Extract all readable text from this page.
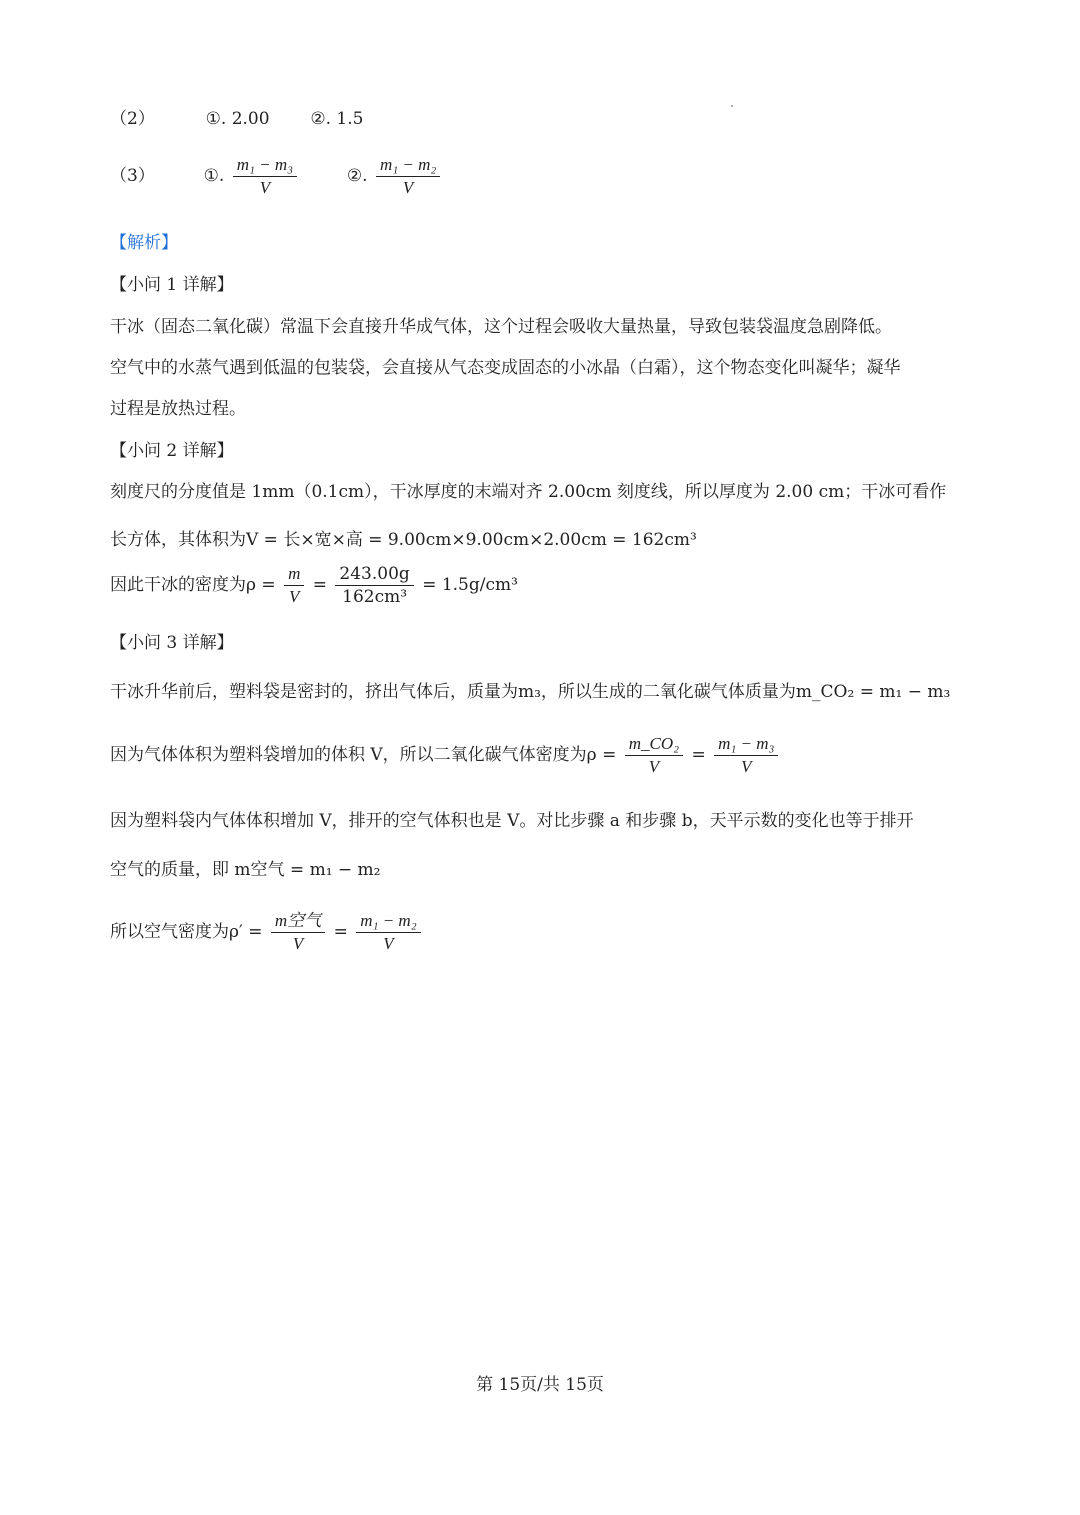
（2）	①. 2.00 ②. 1.5
（3）	①. $\frac{\text{m₁ − m₃}}{V}$	②. $\frac{\text{m₁ − m₂}}{V}$
【解析】
【小问 1 详解】
干冰（固态二氧化碳）常温下会直接升华成气体，这个过程会吸收大量热量，导致包装袋温度急剧降低。
空气中的水蒸气遇到低温的包装袋，会直接从气态变成固态的小冰晶（白霜），这个物态变化叫凝华；凝华
过程是放热过程。
【小问 2 详解】
刻度尺的分度值是 1mm（0.1cm），干冰厚度的末端对齐 2.00cm 刻度线，所以厚度为 2.00 cm；干冰可看作
长方体，其体积为V = 长×宽×高 = 9.00cm×9.00cm×2.00cm = 162cm³
因此干冰的密度为$\rho = \frac{m}{V} = \frac{243.00g}{\text{162cm³}} = 1.5g/cm^3$
【小问 3 详解】
干冰升华前后，塑料袋是密封的，挤出气体后，质量为m₃，所以生成的二氧化碳气体质量为m_CO₂ = m₁ − m₃
因为气体体积为塑料袋增加的体积 V，所以二氧化碳气体密度为$\rho = \frac{\text{m\_CO₂}}{V} = \frac{\text{m₁ − m₃}}{V}$
因为塑料袋内气体体积增加 V，排开的空气体积也是 V。对比步骤 a 和步骤 b，天平示数的变化也等于排开
空气的质量，即 m空气 = m₁ − m₂
所以空气密度为$\rho' = \frac{\text{m空气}}{V} = \frac{\text{m₁ − m₂}}{V}$
第 15页/共 15页
